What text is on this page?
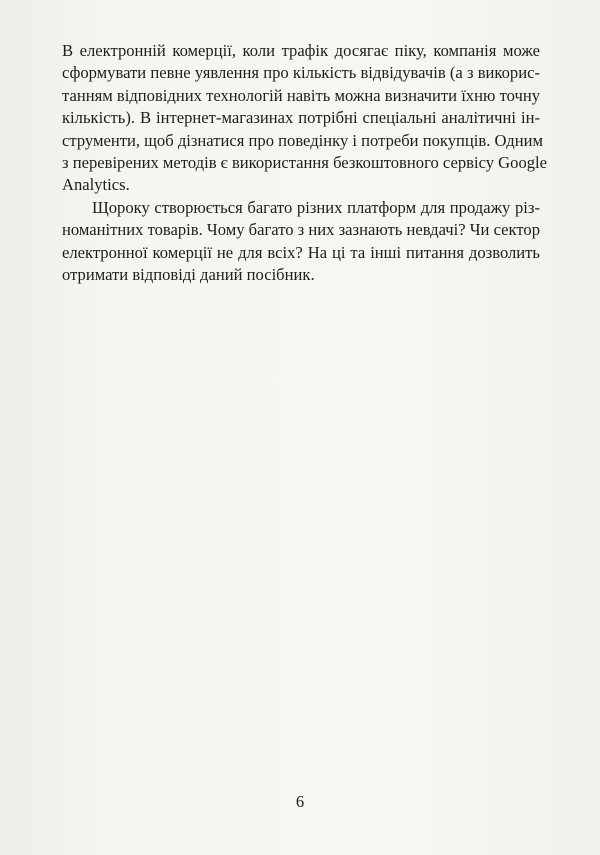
В електронній комерції, коли трафік досягає піку, компанія може
сформувати певне уявлення про кількість відвідувачів (а з викорис-
танням відповідних технологій навіть можна визначити їхню точну
кількість). В інтернет-магазинах потрібні спеціальні аналітичні ін-
струменти, щоб дізнатися про поведінку і потреби покупців. Одним
з перевірених методів є використання безкоштовного сервісу Google
Analytics.
Щороку створюється багато різних платформ для продажу різ-
номанітних товарів. Чому багато з них зазнають невдачі? Чи сектор
електронної комерції не для всіх? На ці та інші питання дозволить
отримати відповіді даний посібник.
6
